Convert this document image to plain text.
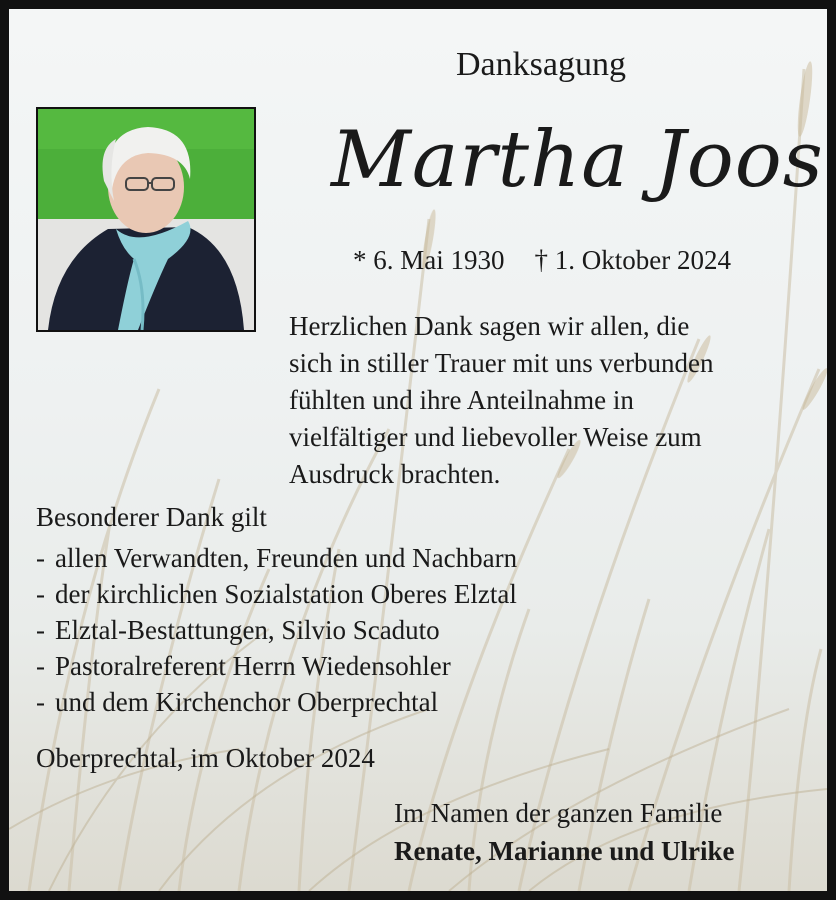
Danksagung
Martha Joos
* 6. Mai 1930 † 1. Oktober 2024
Herzlichen Dank sagen wir allen, die
sich in stiller Trauer mit uns verbunden
fühlten und ihre Anteilnahme in
vielfältiger und liebevoller Weise zum
Ausdruck brachten.
Besonderer Dank gilt
- allen Verwandten, Freunden und Nachbarn
- der kirchlichen Sozialstation Oberes Elztal
- Elztal-Bestattungen, Silvio Scaduto
- Pastoralreferent Herrn Wiedensohler
- und dem Kirchenchor Oberprechtal
Oberprechtal, im Oktober 2024
Im Namen der ganzen Familie
Renate, Marianne und Ulrike
